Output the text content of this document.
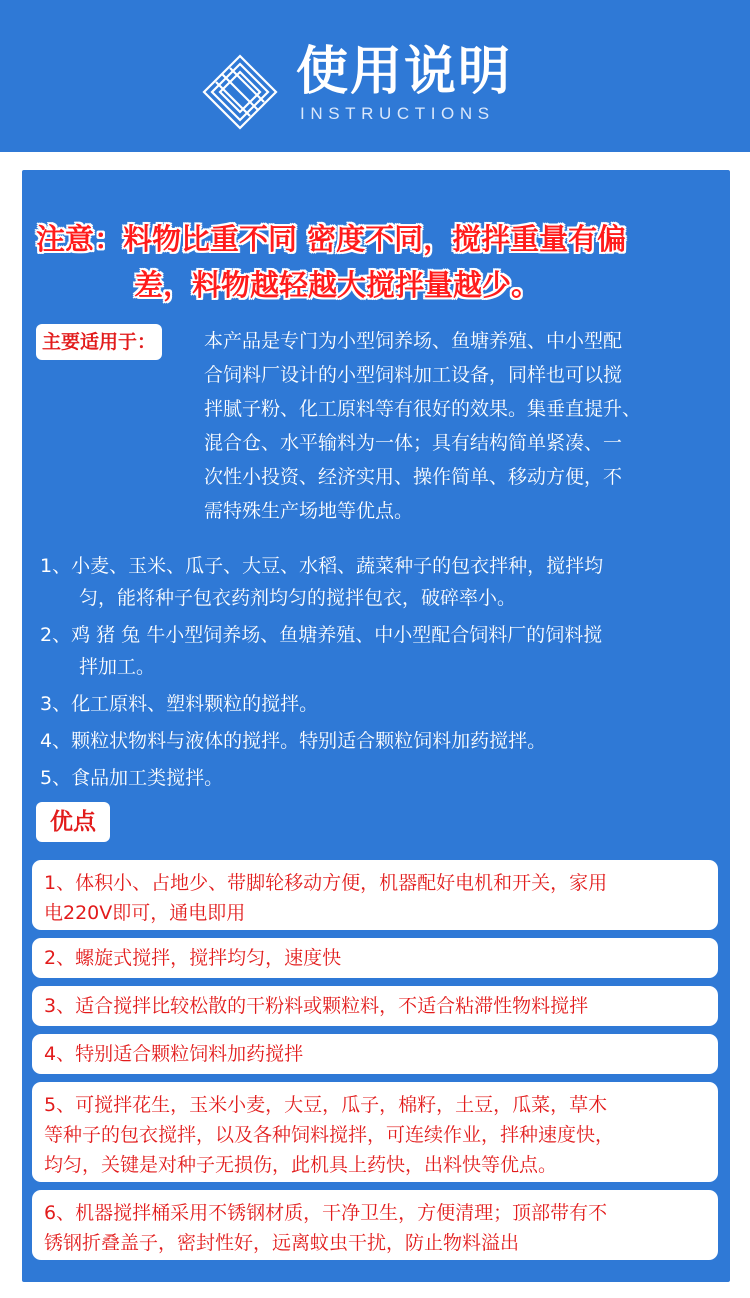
使用说明
INSTRUCTIONS
注意：料物比重不同 密度不同，搅拌重量有偏
差，料物越轻越大搅拌量越少。
主要适用于：	本产品是专门为小型饲养场、鱼塘养殖、中小型配
合饲料厂设计的小型饲料加工设备，同样也可以搅
拌腻子粉、化工原料等有很好的效果。集垂直提升、
混合仓、水平输料为一体；具有结构简单紧凑、一
次性小投资、经济实用、操作简单、移动方便，不
需特殊生产场地等优点。
1、小麦、玉米、瓜子、大豆、水稻、蔬菜种子的包衣拌种，搅拌均
匀，能将种子包衣药剂均匀的搅拌包衣，破碎率小。
2、鸡 猪 兔 牛小型饲养场、鱼塘养殖、中小型配合饲料厂的饲料搅
拌加工。
3、化工原料、塑料颗粒的搅拌。
4、颗粒状物料与液体的搅拌。特别适合颗粒饲料加药搅拌。
5、食品加工类搅拌。
优点
1、体积小、占地少、带脚轮移动方便，机器配好电机和开关，家用
电220V即可，通电即用
2、螺旋式搅拌，搅拌均匀，速度快
3、适合搅拌比较松散的干粉料或颗粒料，不适合粘滞性物料搅拌
4、特别适合颗粒饲料加药搅拌
5、可搅拌花生，玉米小麦，大豆，瓜子，棉籽，土豆，瓜菜，草木
等种子的包衣搅拌，以及各种饲料搅拌，可连续作业，拌种速度快，
均匀，关键是对种子无损伤，此机具上药快，出料快等优点。
6、机器搅拌桶采用不锈钢材质，干净卫生，方便清理；顶部带有不
锈钢折叠盖子，密封性好，远离蚊虫干扰，防止物料溢出
